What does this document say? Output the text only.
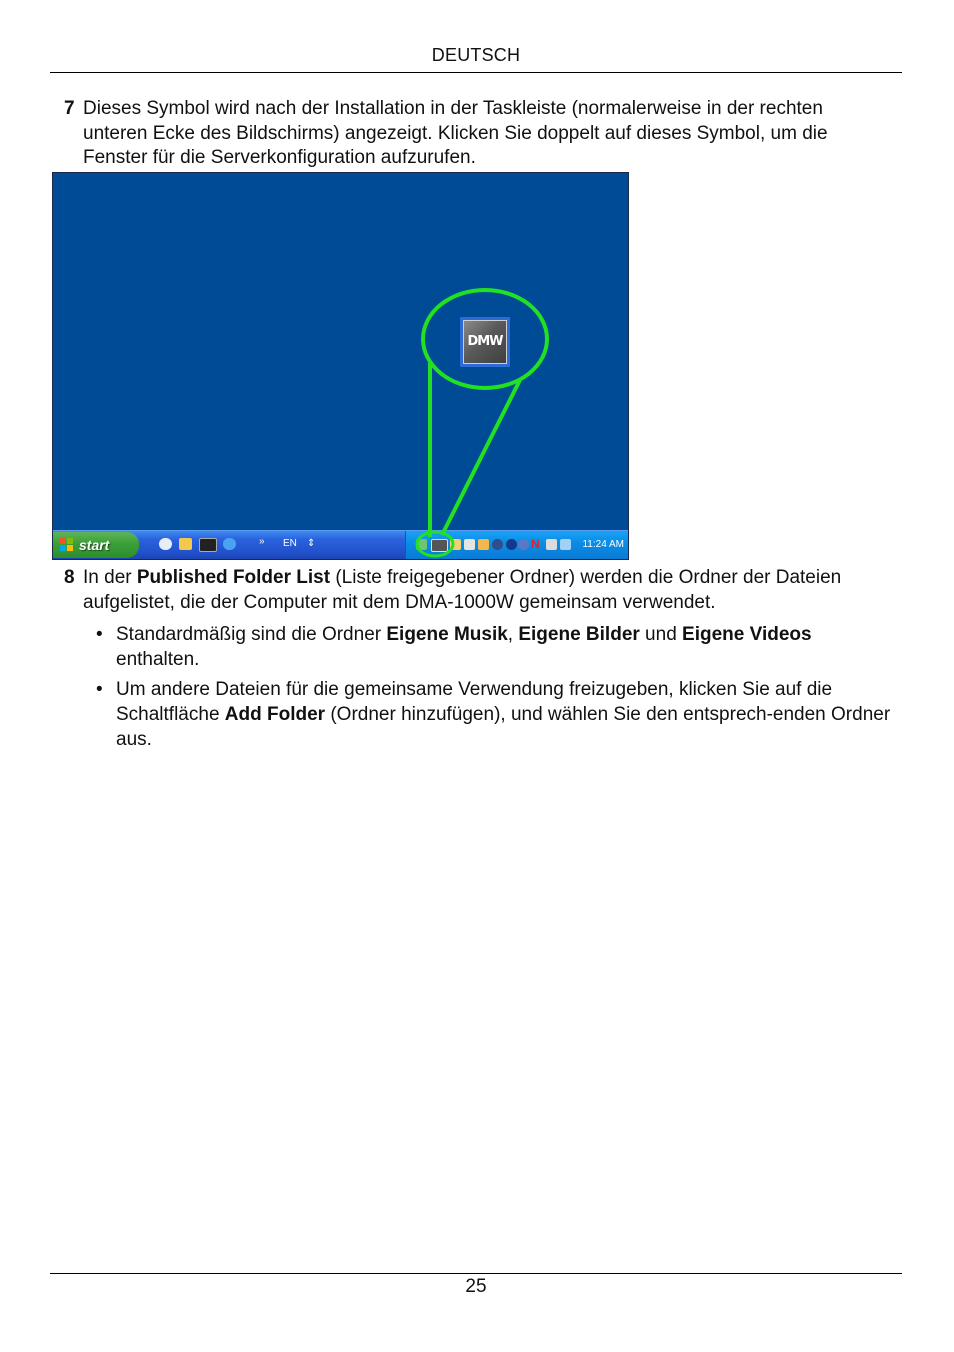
DEUTSCH
7 Dieses Symbol wird nach der Installation in der Taskleiste (normalerweise in der rechten unteren Ecke des Bildschirms) angezeigt. Klicken Sie doppelt auf dieses Symbol, um die Fenster für die Serverkonfiguration aufzurufen.
DMW
start	» EN ⇕	N	11:24 AM
8 In der Published Folder List (Liste freigegebener Ordner) werden die Ordner der Dateien aufgelistet, die der Computer mit dem DMA-1000W gemeinsam verwendet.
• Standardmäßig sind die Ordner Eigene Musik, Eigene Bilder und Eigene Videos enthalten.
• Um andere Dateien für die gemeinsame Verwendung freizugeben, klicken Sie auf die Schaltfläche Add Folder (Ordner hinzufügen), und wählen Sie den entsprech-enden Ordner aus.
25
